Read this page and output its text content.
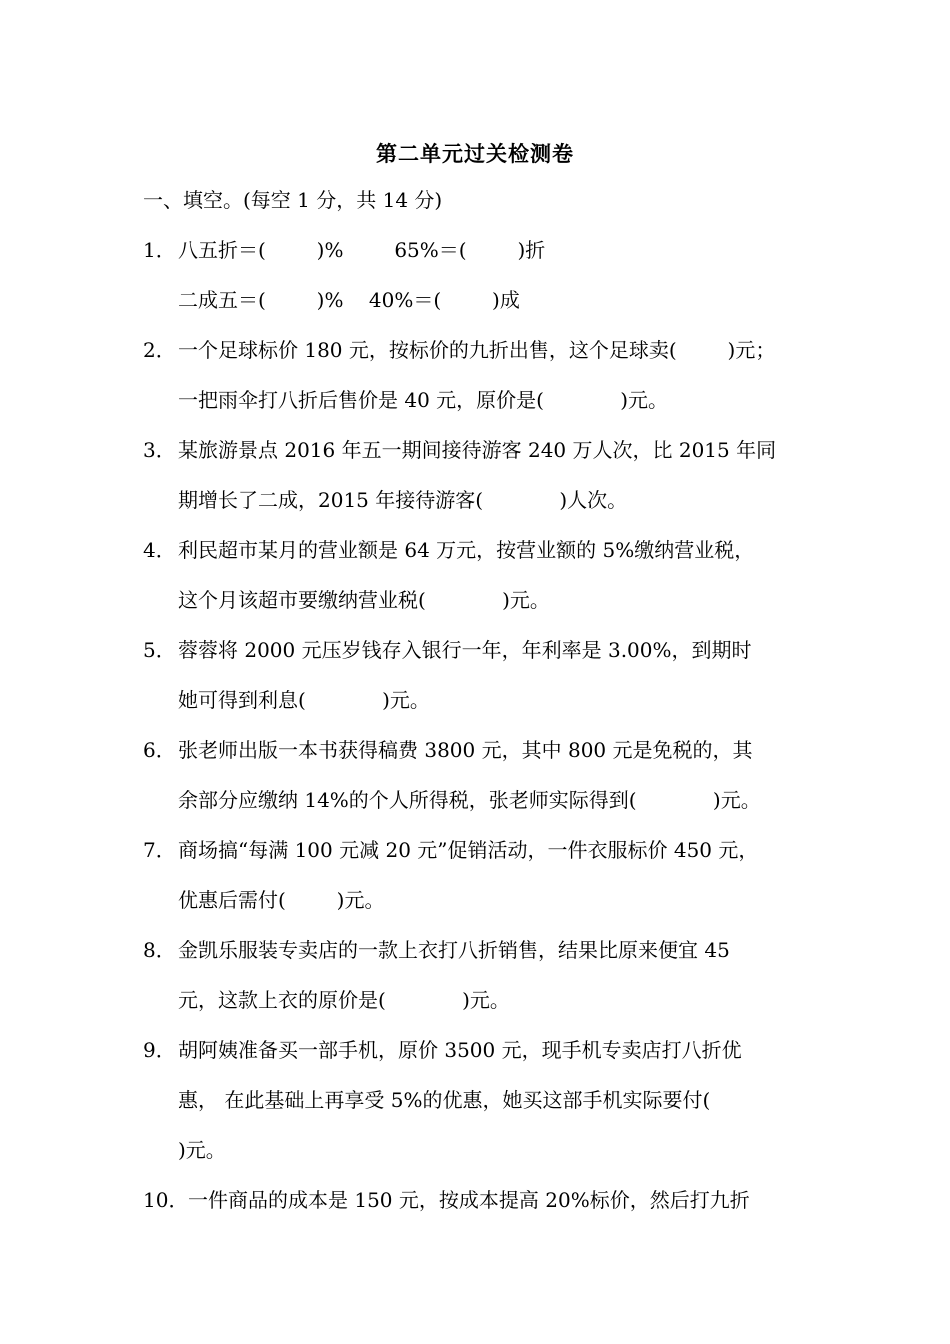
第二单元过关检测卷
一、填空。(每空 1 分，共 14 分)
1． 八五折＝(        )%        65%＝(        )折
二成五＝(        )%    40%＝(        )成
2． 一个足球标价 180 元，按标价的九折出售，这个足球卖(        )元；
一把雨伞打八折后售价是 40 元，原价是(            )元。
3． 某旅游景点 2016 年五一期间接待游客 240 万人次，比 2015 年同
期增长了二成，2015 年接待游客(            )人次。
4． 利民超市某月的营业额是 64 万元，按营业额的 5%缴纳营业税，
这个月该超市要缴纳营业税(            )元。
5． 蓉蓉将 2000 元压岁钱存入银行一年，年利率是 3.00%，到期时
她可得到利息(            )元。
6． 张老师出版一本书获得稿费 3800 元，其中 800 元是免税的，其
余部分应缴纳 14%的个人所得税，张老师实际得到(            )元。
7． 商场搞“每满 100 元减 20 元”促销活动，一件衣服标价 450 元，
优惠后需付(        )元。
8． 金凯乐服装专卖店的一款上衣打八折销售，结果比原来便宜 45
元，这款上衣的原价是(            )元。
9． 胡阿姨准备买一部手机，原价 3500 元，现手机专卖店打八折优
惠， 在此基础上再享受 5%的优惠，她买这部手机实际要付(
)元。
10． 一件商品的成本是 150 元，按成本提高 20%标价，然后打九折
